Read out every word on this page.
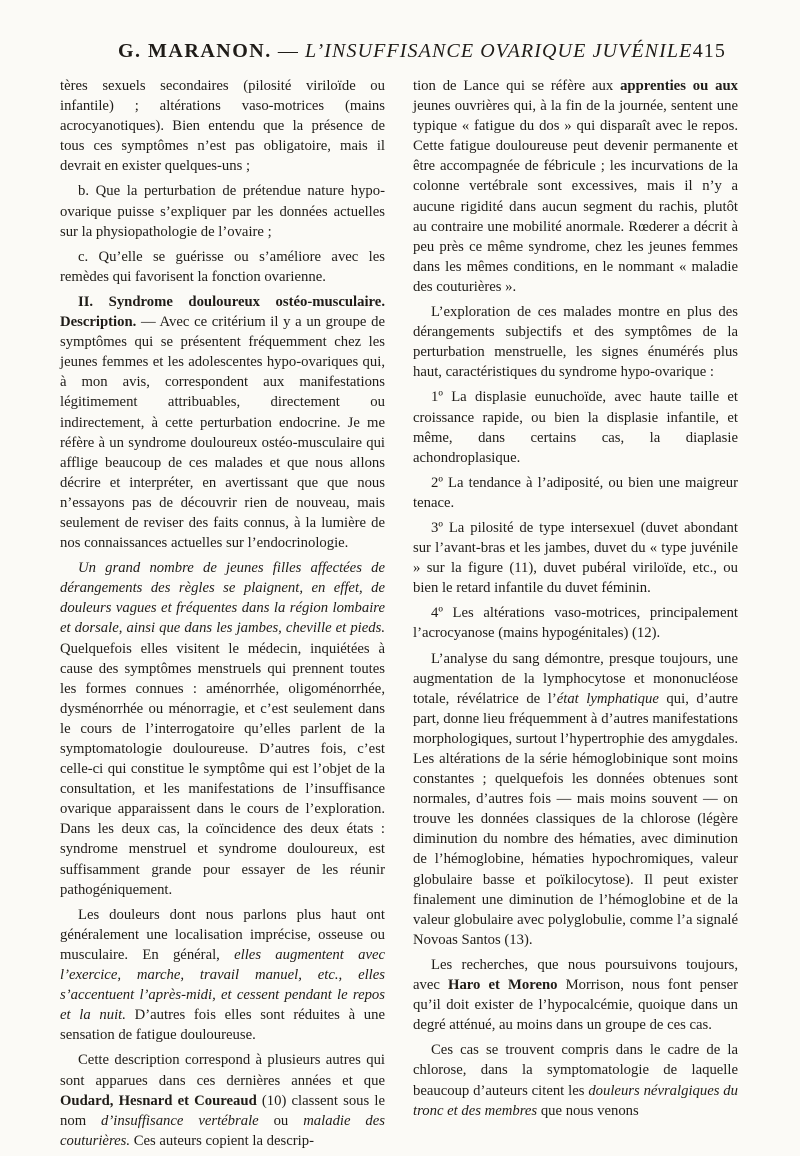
G. MARANON. — L’INSUFFISANCE OVARIQUE JUVÉNILE 415

tères sexuels secondaires (pilosité viriloïde ou infantile) ; altérations vaso-motrices (mains acrocyanotiques). Bien entendu que la présence de tous ces symptômes n’est pas obligatoire, mais il devrait en exister quelques-uns ;

b. Que la perturbation de prétendue nature hypo-ovarique puisse s’expliquer par les données actuelles sur la physiopathologie de l’ovaire ;

c. Qu’elle se guérisse ou s’améliore avec les remèdes qui favorisent la fonction ovarienne.

II. Syndrome douloureux ostéo-musculaire. Description. — Avec ce critérium il y a un groupe de symptômes qui se présentent fréquemment chez les jeunes femmes et les adolescentes hypo-ovariques qui, à mon avis, correspondent aux manifestations légitimement attribuables, directement ou indirectement, à cette perturbation endocrine. Je me réfère à un syndrome douloureux ostéo-musculaire qui afflige beaucoup de ces malades et que nous allons décrire et interpréter, en avertissant que que nous n’essayons pas de découvrir rien de nouveau, mais seulement de reviser des faits connus, à la lumière de nos connaissances actuelles sur l’endocrinologie.

Un grand nombre de jeunes filles affectées de dérangements des règles se plaignent, en effet, de douleurs vagues et fréquentes dans la région lombaire et dorsale, ainsi que dans les jambes, cheville et pieds. Quelquefois elles visitent le médecin, inquiétées à cause des symptômes menstruels qui prennent toutes les formes connues : aménorrhée, oligoménorrhée, dysménorrhée ou ménorragie, et c’est seulement dans le cours de l’interrogatoire qu’elles parlent de la symptomatologie douloureuse. D’autres fois, c’est celle-ci qui constitue le symptôme qui est l’objet de la consultation, et les manifestations de l’insuffisance ovarique apparaissent dans le cours de l’exploration. Dans les deux cas, la coïncidence des deux états : syndrome menstruel et syndrome douloureux, est suffisamment grande pour essayer de les réunir pathogéniquement.

Les douleurs dont nous parlons plus haut ont généralement une localisation imprécise, osseuse ou musculaire. En général, elles augmentent avec l’exercice, marche, travail manuel, etc., elles s’accentuent l’après-midi, et cessent pendant le repos et la nuit. D’autres fois elles sont réduites à une sensation de fatigue douloureuse.

Cette description correspond à plusieurs autres qui sont apparues dans ces dernières années et que Oudard, Hesnard et Coureaud (10) classent sous le nom d’insuffisance vertébrale ou maladie des couturières. Ces auteurs copient la descrip-

tion de Lance qui se réfère aux apprenties ou aux jeunes ouvrières qui, à la fin de la journée, sentent une typique « fatigue du dos » qui disparaît avec le repos. Cette fatigue douloureuse peut devenir permanente et être accompagnée de fébricule ; les incurvations de la colonne vertébrale sont excessives, mais il n’y a aucune rigidité dans aucun segment du rachis, plutôt au contraire une mobilité anormale. Rœderer a décrit à peu près ce même syndrome, chez les jeunes femmes dans les mêmes conditions, en le nommant « maladie des couturières ».

L’exploration de ces malades montre en plus des dérangements subjectifs et des symptômes de la perturbation menstruelle, les signes énumérés plus haut, caractéristiques du syndrome hypo-ovarique :

1º La displasie eunuchoïde, avec haute taille et croissance rapide, ou bien la displasie infantile, et même, dans certains cas, la diaplasie achondroplasique.

2º La tendance à l’adiposité, ou bien une maigreur tenace.

3º La pilosité de type intersexuel (duvet abondant sur l’avant-bras et les jambes, duvet du « type juvénile » sur la figure (11), duvet pubéral viriloïde, etc., ou bien le retard infantile du duvet féminin.

4º Les altérations vaso-motrices, principalement l’acrocyanose (mains hypogénitales) (12).

L’analyse du sang démontre, presque toujours, une augmentation de la lymphocytose et mononucléose totale, révélatrice de l’état lymphatique qui, d’autre part, donne lieu fréquemment à d’autres manifestations morphologiques, surtout l’hypertrophie des amygdales. Les altérations de la série hémoglobinique sont moins constantes ; quelquefois les données obtenues sont normales, d’autres fois — mais moins souvent — on trouve les données classiques de la chlorose (légère diminution du nombre des hématies, avec diminution de l’hémoglobine, hématies hypochromiques, valeur globulaire basse et poïkilocytose). Il peut exister finalement une diminution de l’hémoglobine et de la valeur globulaire avec polyglobulie, comme l’a signalé Novoas Santos (13).

Les recherches, que nous poursuivons toujours, avec Haro et Moreno Morrison, nous font penser qu’il doit exister de l’hypocalcémie, quoique dans un degré atténué, au moins dans un groupe de ces cas.

Ces cas se trouvent compris dans le cadre de la chlorose, dans la symptomatologie de laquelle beaucoup d’auteurs citent les douleurs névralgiques du tronc et des membres que nous venons
